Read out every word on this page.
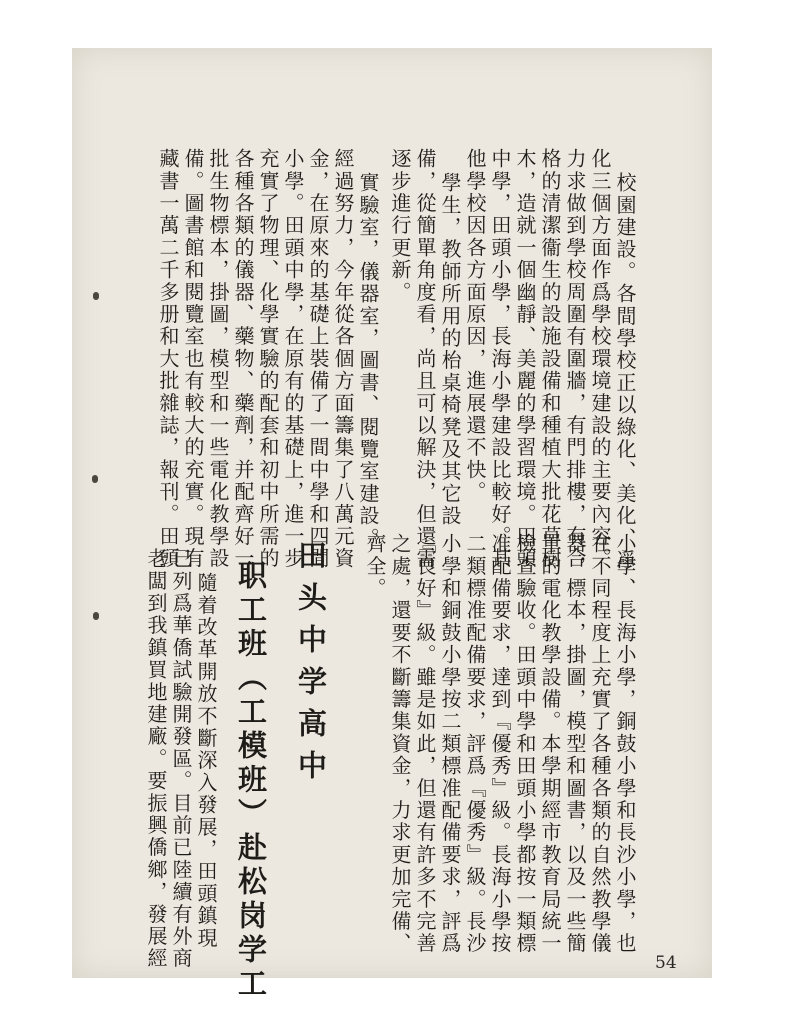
校園建設。各間學校正以綠化、美化、凈
化三個方面作爲學校環境建設的主要內容。
力求做到學校周圍有圍牆，有門排樓，有合
格的清潔衞生的設施設備和種植大批花草樹
木，造就一個幽靜、美麗的學習環境。田頭
中學，田頭小學，長海小學建設比較好。其
他學校因各方面原因，進展還不快。
學生，教師所用的枱桌椅凳及其它設
備，從簡單角度看，尚且可以解決，但還需
逐步進行更新。
實驗室，儀器室，圖書、閱覽室建設。
經過努力，今年從各個方面籌集了八萬元資
金，在原來的基礎上裝備了一間中學和四間
小學。田頭中學，在原有的基礎上，進一步
充實了物理、化學實驗的配套和初中所需的
各種各類的儀器、藥物、藥劑，并配齊好一
批生物標本，掛圖，模型和一些電化教學設
備。圖書館和閱覽室也有較大的充實。現有
藏書一萬二千多册和大批雜誌，報刊。田頭
小學、長海小學，銅鼓小學和長沙小學，也
在不同程度上充實了各種各類的自然教學儀
器，標本，掛圖，模型和圖書，以及一些簡
單的電化教學設備。本學期經市教育局統一
檢查驗收。田頭中學和田頭小學都按一類標
准配備要求，達到『優秀』級。長海小學按
二類標准配備要求，評爲『優秀』級。長沙
小學和銅鼓小學按二類標准配備要求，評爲
『良好』級。雖是如此，但還有許多不完善
之處，還要不斷籌集資金，力求更加完備、
齊全。
田头中学高中
职工班（工模班）赴松岗学工
隨着改革開放不斷深入發展，田頭鎮現
已列爲華僑試驗開發區。目前已陸續有外商
老闆到我鎮買地建廠。要振興僑鄉，發展經	54
